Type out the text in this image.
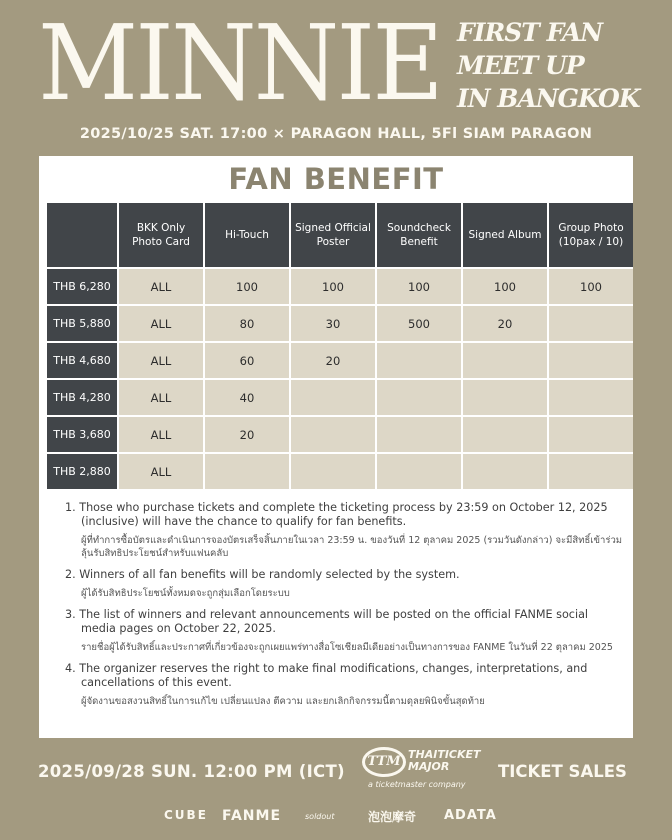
MINNIE FIRST FAN
MEET UP
IN BANGKOK
2025/10/25 SAT. 17:00 × PARAGON HALL, 5Fl SIAM PARAGON
FAN BENEFIT
	BKK Only Photo Card	Hi-Touch	Signed Official Poster	Soundcheck Benefit	Signed Album	Group Photo (10pax / 10)
THB 6,280	ALL	100	100	100	100	100
THB 5,880	ALL	80	30	500	20	
THB 4,680	ALL	60	20			
THB 4,280	ALL	40				
THB 3,680	ALL	20				
THB 2,880	ALL					
1. Those who purchase tickets and complete the ticketing process by 23:59 on October 12, 2025 (inclusive) will have the chance to qualify for fan benefits.
ผู้ที่ทำการซื้อบัตรและดำเนินการจองบัตรเสร็จสิ้นภายในเวลา 23:59 น. ของวันที่ 12 ตุลาคม 2025 (รวมวันดังกล่าว) จะมีสิทธิ์เข้าร่วมลุ้นรับสิทธิประโยชน์สำหรับแฟนคลับ
2. Winners of all fan benefits will be randomly selected by the system.
ผู้ได้รับสิทธิประโยชน์ทั้งหมดจะถูกสุ่มเลือกโดยระบบ
3. The list of winners and relevant announcements will be posted on the official FANME social media pages on October 22, 2025.
รายชื่อผู้ได้รับสิทธิ์และประกาศที่เกี่ยวข้องจะถูกเผยแพร่ทางสื่อโซเชียลมีเดียอย่างเป็นทางการของ FANME ในวันที่ 22 ตุลาคม 2025
4. The organizer reserves the right to make final modifications, changes, interpretations, and cancellations of this event.
ผู้จัดงานขอสงวนสิทธิ์ในการแก้ไข เปลี่ยนแปลง ตีความ และยกเลิกกิจกรรมนี้ตามดุลยพินิจขั้นสุดท้าย
2025/09/28 SUN. 12:00 PM (ICT)
TTM THAITICKET
MAJOR
a ticketmaster company
TICKET SALES
CUBE FANME	soldout	泡泡摩奇 ADATA
